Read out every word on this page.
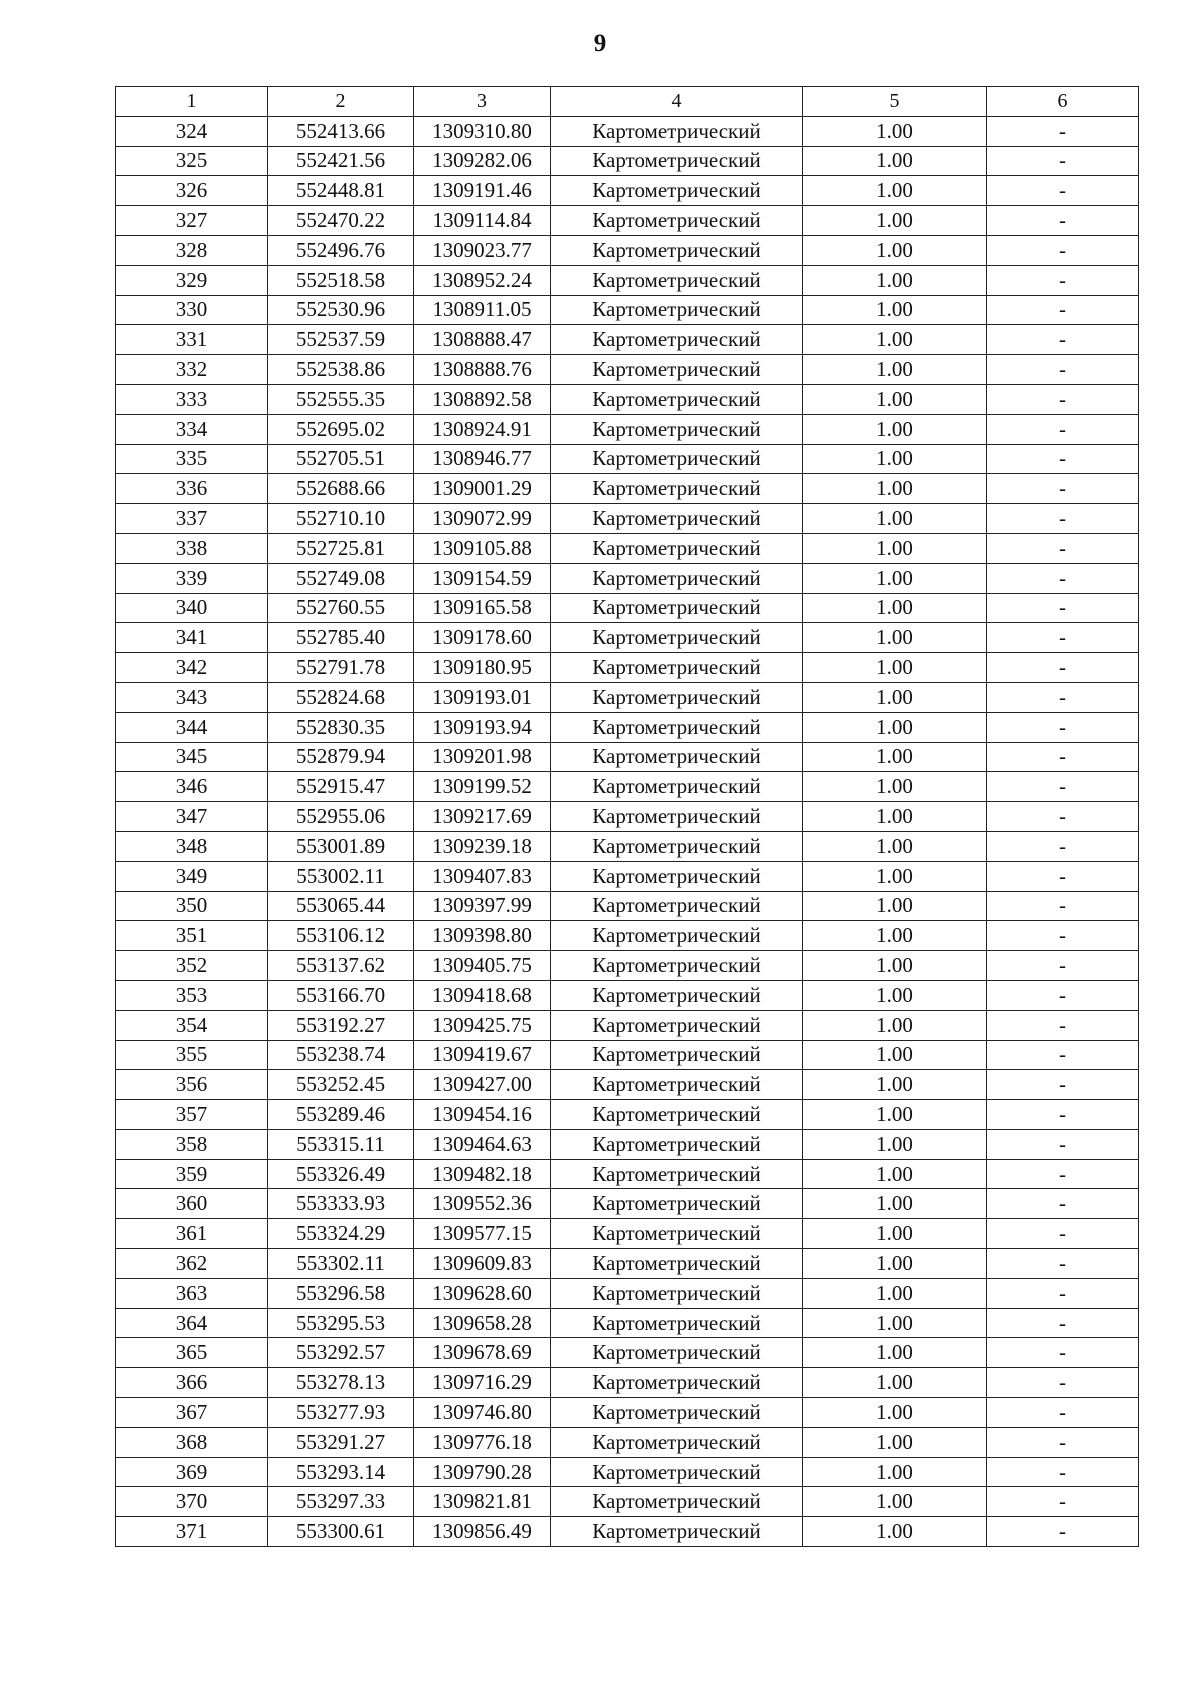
9
1	2	3	4	5	6
324	552413.66	1309310.80	Картометрический	1.00	-
325	552421.56	1309282.06	Картометрический	1.00	-
326	552448.81	1309191.46	Картометрический	1.00	-
327	552470.22	1309114.84	Картометрический	1.00	-
328	552496.76	1309023.77	Картометрический	1.00	-
329	552518.58	1308952.24	Картометрический	1.00	-
330	552530.96	1308911.05	Картометрический	1.00	-
331	552537.59	1308888.47	Картометрический	1.00	-
332	552538.86	1308888.76	Картометрический	1.00	-
333	552555.35	1308892.58	Картометрический	1.00	-
334	552695.02	1308924.91	Картометрический	1.00	-
335	552705.51	1308946.77	Картометрический	1.00	-
336	552688.66	1309001.29	Картометрический	1.00	-
337	552710.10	1309072.99	Картометрический	1.00	-
338	552725.81	1309105.88	Картометрический	1.00	-
339	552749.08	1309154.59	Картометрический	1.00	-
340	552760.55	1309165.58	Картометрический	1.00	-
341	552785.40	1309178.60	Картометрический	1.00	-
342	552791.78	1309180.95	Картометрический	1.00	-
343	552824.68	1309193.01	Картометрический	1.00	-
344	552830.35	1309193.94	Картометрический	1.00	-
345	552879.94	1309201.98	Картометрический	1.00	-
346	552915.47	1309199.52	Картометрический	1.00	-
347	552955.06	1309217.69	Картометрический	1.00	-
348	553001.89	1309239.18	Картометрический	1.00	-
349	553002.11	1309407.83	Картометрический	1.00	-
350	553065.44	1309397.99	Картометрический	1.00	-
351	553106.12	1309398.80	Картометрический	1.00	-
352	553137.62	1309405.75	Картометрический	1.00	-
353	553166.70	1309418.68	Картометрический	1.00	-
354	553192.27	1309425.75	Картометрический	1.00	-
355	553238.74	1309419.67	Картометрический	1.00	-
356	553252.45	1309427.00	Картометрический	1.00	-
357	553289.46	1309454.16	Картометрический	1.00	-
358	553315.11	1309464.63	Картометрический	1.00	-
359	553326.49	1309482.18	Картометрический	1.00	-
360	553333.93	1309552.36	Картометрический	1.00	-
361	553324.29	1309577.15	Картометрический	1.00	-
362	553302.11	1309609.83	Картометрический	1.00	-
363	553296.58	1309628.60	Картометрический	1.00	-
364	553295.53	1309658.28	Картометрический	1.00	-
365	553292.57	1309678.69	Картометрический	1.00	-
366	553278.13	1309716.29	Картометрический	1.00	-
367	553277.93	1309746.80	Картометрический	1.00	-
368	553291.27	1309776.18	Картометрический	1.00	-
369	553293.14	1309790.28	Картометрический	1.00	-
370	553297.33	1309821.81	Картометрический	1.00	-
371	553300.61	1309856.49	Картометрический	1.00	-
